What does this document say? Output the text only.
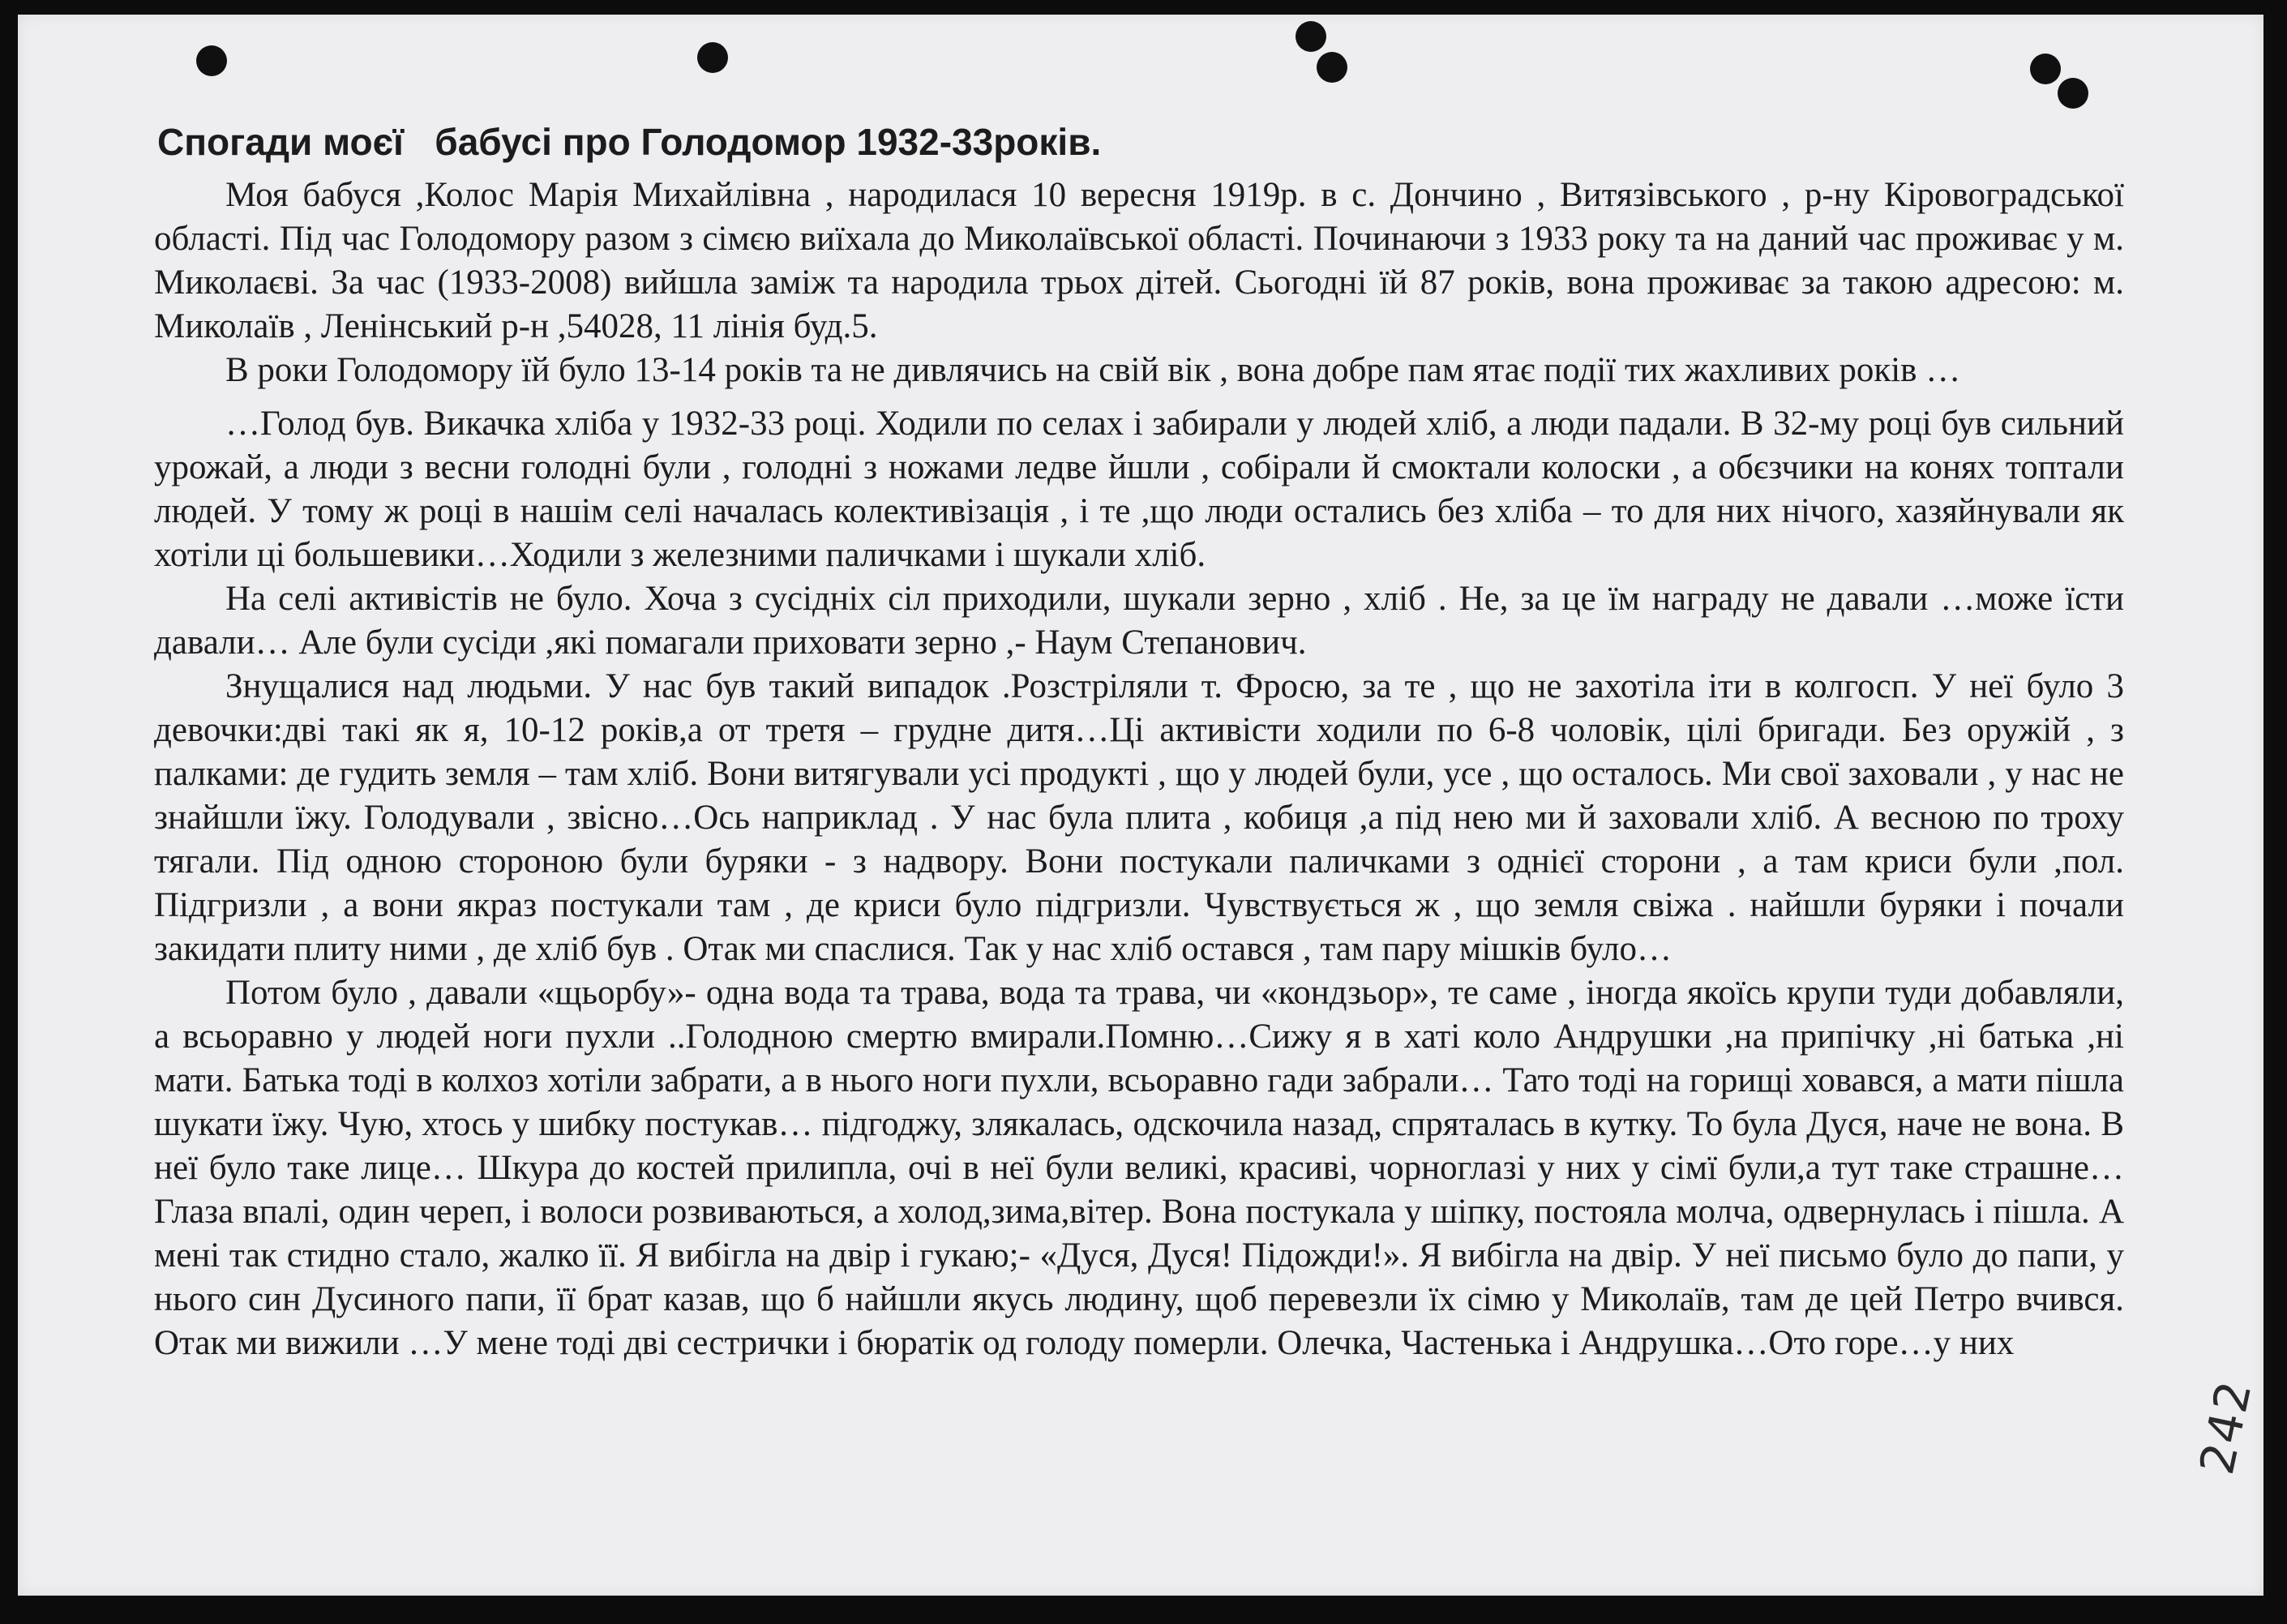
Спогади моєї   бабусі про Голодомор 1932-33років.

Моя бабуся ,Колос Марія Михайлівна , народилася 10 вересня 1919р. в с. Дончино , Витязівського , р-ну Кіровоградської області. Під час Голодомору разом з сімєю виїхала до Миколаївської області. Починаючи з 1933 року та на даний час проживає у м. Миколаєві. За час (1933-2008) вийшла заміж та народила трьох дітей. Сьогодні їй 87 років, вона проживає за такою адресою: м. Миколаїв , Ленінський р-н ,54028, 11 лінія буд.5.

В роки Голодомору їй було 13-14 років та не дивлячись на свій вік , вона добре пам ятає події тих жахливих років …

…Голод був. Викачка хліба у 1932-33 році. Ходили по селах і забирали у людей хліб, а люди падали. В 32-му році був сильний урожай, а люди з весни голодні були , голодні з ножами ледве йшли , собірали й смоктали колоски , а обєзчики на конях топтали людей. У тому ж році в нашім селі началась колективізація , і те ,що люди остались без хліба – то для них нічого, хазяйнували як хотіли ці большевики…Ходили з железними паличками і шукали хліб.

На селі активістів не було. Хоча з сусідніх сіл приходили, шукали зерно , хліб . Не, за це їм награду не давали …може їсти давали… Але були сусіди ,які помагали приховати зерно ,- Наум Степанович.

Знущалися над людьми. У нас був такий випадок .Розстріляли т. Фросю, за те , що не захотіла іти в колгосп. У неї було 3 девочки:дві такі як я, 10-12 років,а от третя – грудне дитя…Ці активісти ходили по 6-8 чоловік, цілі бригади. Без оружій , з палками: де гудить земля – там хліб. Вони витягували усі продукті , що у людей були, усе , що осталось. Ми свої заховали , у нас не знайшли їжу. Голодували , звісно…Ось наприклад . У нас була плита , кобиця ,а під нею ми й заховали хліб. А весною по троху тягали. Під одною стороною були буряки - з надвору. Вони постукали паличками з однієї сторони , а там криси були ,пол. Підгризли , а вони якраз постукали там , де криси було підгризли. Чувствується ж , що земля свіжа . найшли буряки і почали закидати плиту ними , де хліб був . Отак ми спаслися. Так у нас хліб остався , там пару мішків було…

Потом було , давали «щьорбу»- одна вода та трава, вода та трава, чи «кондзьор», те саме , іногда якоїсь крупи туди добавляли, а всьоравно у людей ноги пухли ..Голодною смертю вмирали.Помню…Сижу я в хаті коло Андрушки ,на припічку ,ні батька ,ні мати. Батька тоді в колхоз хотіли забрати, а в нього ноги пухли, всьоравно гади забрали… Тато тоді на горищі ховався, а мати пішла шукати їжу. Чую, хтось у шибку постукав… підгоджу, злякалась, одскочила назад, спряталась в кутку. То була Дуся, наче не вона. В неї було таке лице… Шкура до костей прилипла, очі в неї були великі, красиві, чорноглазі у них у сімї були,а тут таке страшне… Глаза впалі, один череп, і волоси розвиваються, а холод,зима,вітер. Вона постукала у шіпку, постояла молча, одвернулась і пішла. А мені так стидно стало, жалко її. Я вибігла на двір і гукаю;- «Дуся, Дуся! Підожди!». Я вибігла на двір. У неї письмо було до папи, у нього син Дусиного папи, її брат казав, що б найшли якусь людину, щоб перевезли їх сімю у Миколаїв, там де цей Петро вчився. Отак ми вижили …У мене тоді дві сестрички і бюратік од голоду померли. Олечка, Частенька і Андрушка…Ото горе…у них

242
